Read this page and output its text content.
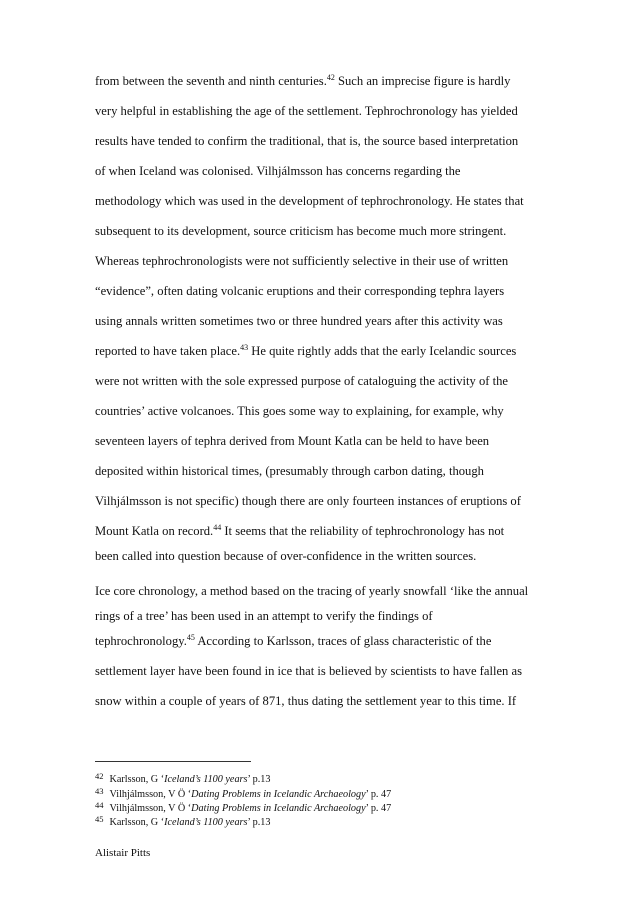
from between the seventh and ninth centuries.$^{42}$ Such an imprecise figure is hardly
very helpful in establishing the age of the settlement. Tephrochronology has yielded
results have tended to confirm the traditional, that is, the source based interpretation
of when Iceland was colonised. Vilhjálmsson has concerns regarding the
methodology which was used in the development of tephrochronology. He states that
subsequent to its development, source criticism has become much more stringent.
Whereas tephrochronologists were not sufficiently selective in their use of written
“evidence”, often dating volcanic eruptions and their corresponding tephra layers
using annals written sometimes two or three hundred years after this activity was
reported to have taken place.$^{43}$ He quite rightly adds that the early Icelandic sources
were not written with the sole expressed purpose of cataloguing the activity of the
countries’ active volcanoes. This goes some way to explaining, for example, why
seventeen layers of tephra derived from Mount Katla can be held to have been
deposited within historical times, (presumably through carbon dating, though
Vilhjálmsson is not specific) though there are only fourteen instances of eruptions of
Mount Katla on record.$^{44}$ It seems that the reliability of tephrochronology has not
been called into question because of over-confidence in the written sources.
Ice core chronology, a method based on the tracing of yearly snowfall ‘like the annual
rings of a tree’ has been used in an attempt to verify the findings of
tephrochronology.$^{45}$ According to Karlsson, traces of glass characteristic of the
settlement layer have been found in ice that is believed by scientists to have fallen as
snow within a couple of years of 871, thus dating the settlement year to this time. If
$^{42}$ Karlsson, G ‘Iceland’s 1100 years’ p.13
$^{43}$ Vilhjálmsson, V Ö ‘Dating Problems in Icelandic Archaeology’ p. 47
$^{44}$ Vilhjálmsson, V Ö ‘Dating Problems in Icelandic Archaeology’ p. 47
$^{45}$ Karlsson, G ‘Iceland’s 1100 years’ p.13
Alistair Pitts
